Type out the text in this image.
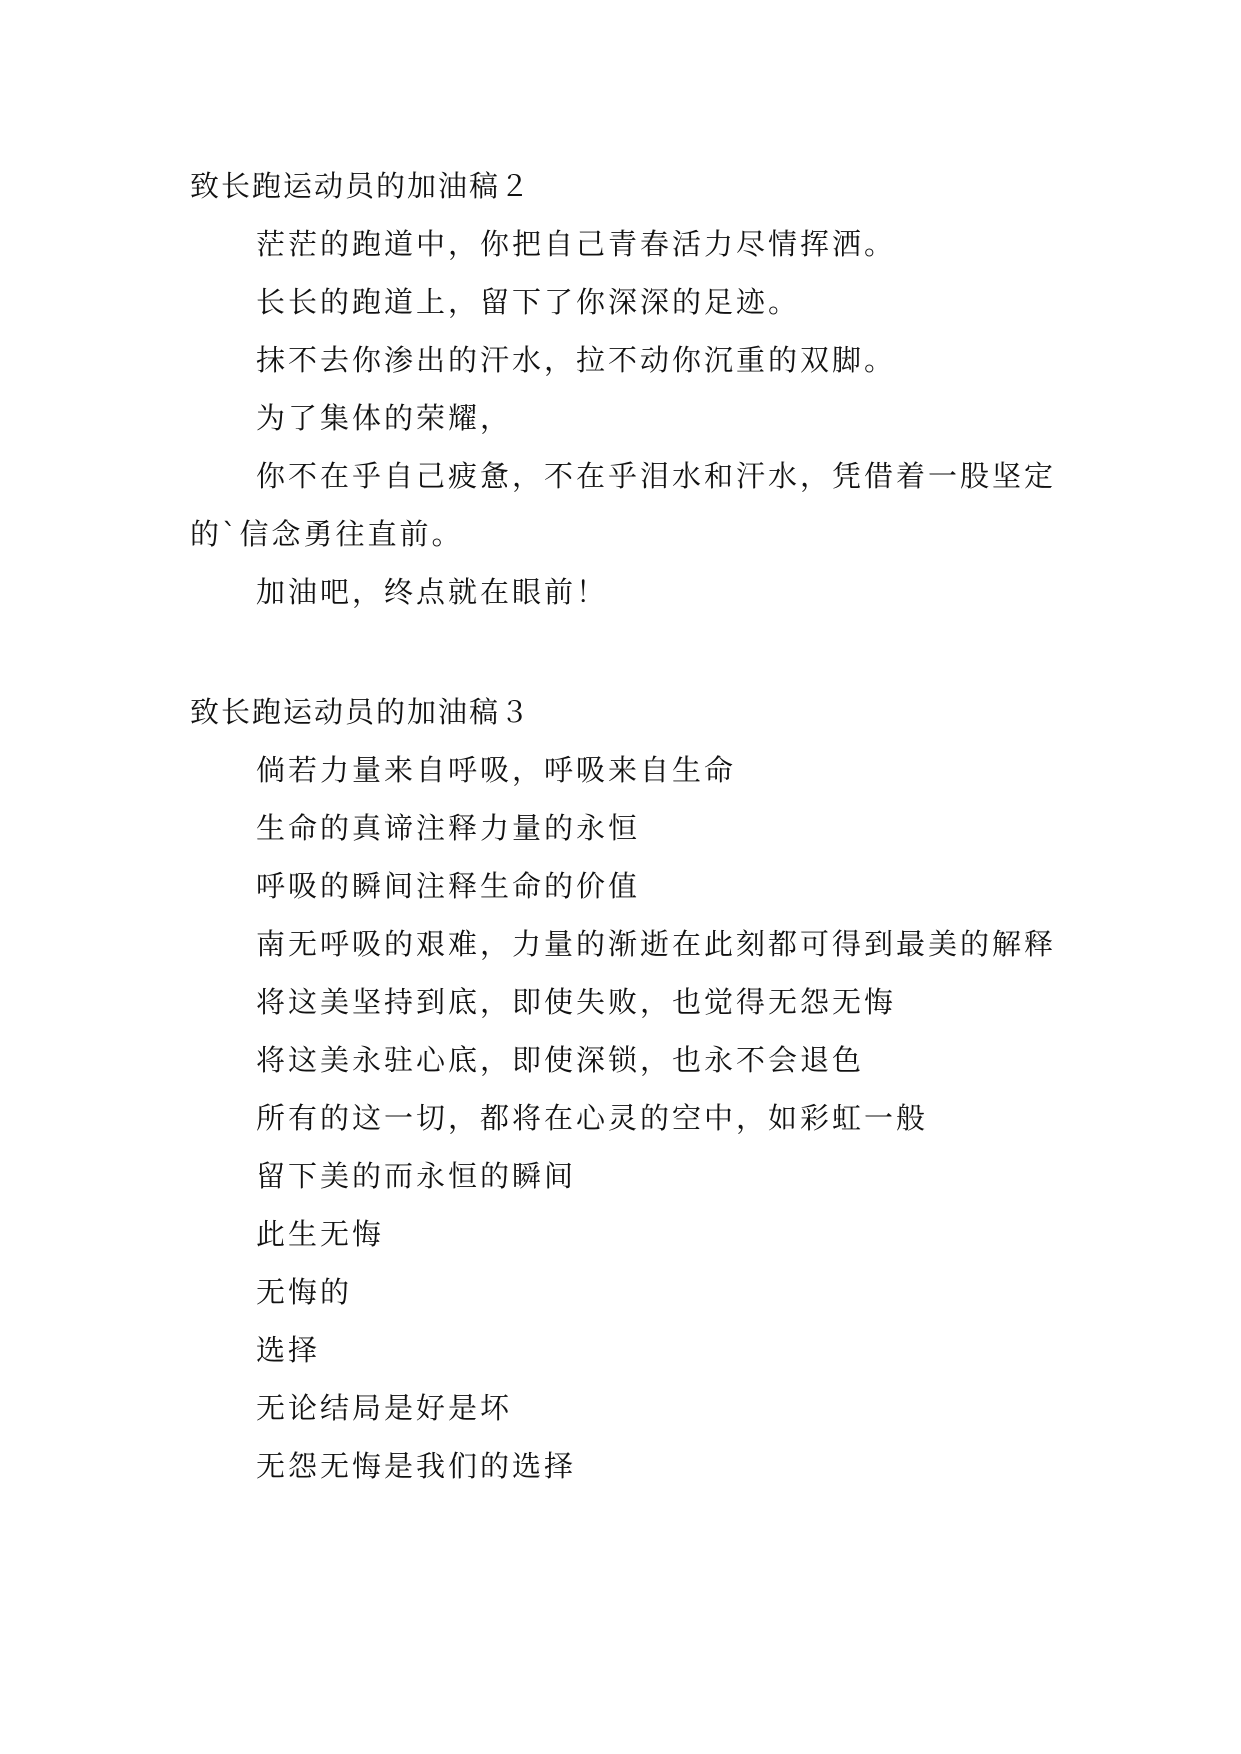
致长跑运动员的加油稿２

茫茫的跑道中，你把自己青春活力尽情挥洒。

长长的跑道上，留下了你深深的足迹。

抹不去你渗出的汗水，拉不动你沉重的双脚。

为了集体的荣耀，

你不在乎自己疲惫，不在乎泪水和汗水，凭借着一股坚定的`信念勇往直前。

加油吧，终点就在眼前！

致长跑运动员的加油稿３

倘若力量来自呼吸，呼吸来自生命

生命的真谛注释力量的永恒

呼吸的瞬间注释生命的价值

南无呼吸的艰难，力量的渐逝在此刻都可得到最美的解释

将这美坚持到底，即使失败，也觉得无怨无悔

将这美永驻心底，即使深锁，也永不会退色

所有的这一切，都将在心灵的空中，如彩虹一般

留下美的而永恒的瞬间

此生无悔

无悔的

选择

无论结局是好是坏

无怨无悔是我们的选择
